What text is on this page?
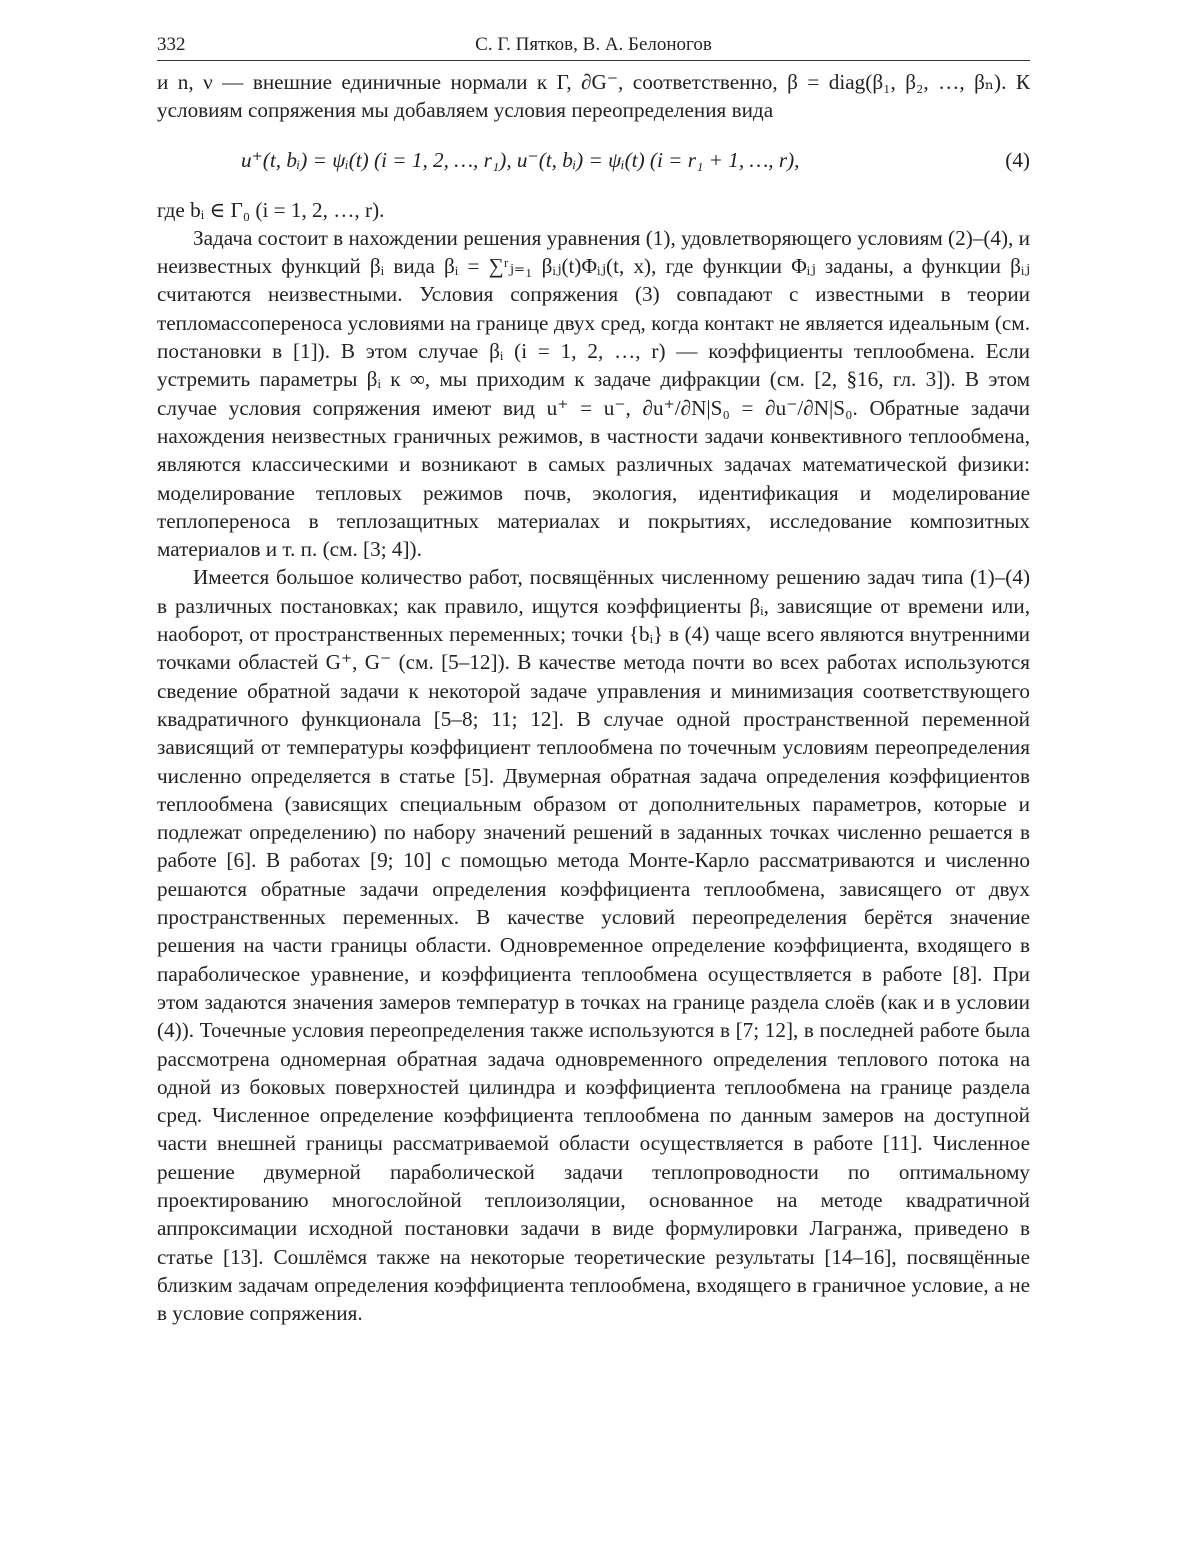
332	С. Г. Пятков, В. А. Белоногов

и n, ν — внешние единичные нормали к Γ, ∂G⁻, соответственно, β = diag(β₁, β₂, …, βₙ). К условиям сопряжения мы добавляем условия переопределения вида

u⁺(t, bᵢ) = ψᵢ(t) (i = 1, 2, …, r₁), u⁻(t, bᵢ) = ψᵢ(t) (i = r₁ + 1, …, r),	(4)

где bᵢ ∈ Γ₀ (i = 1, 2, …, r).

Задача состоит в нахождении решения уравнения (1), удовлетворяющего условиям (2)–(4), и неизвестных функций βᵢ вида βᵢ = ∑ʳⱼ₌₁ βᵢⱼ(t)Φᵢⱼ(t, x), где функции Φᵢⱼ заданы, а функции βᵢⱼ считаются неизвестными. Условия сопряжения (3) совпадают с известными в теории тепломассопереноса условиями на границе двух сред, когда контакт не является идеальным (см. постановки в [1]). В этом случае βᵢ (i = 1, 2, …, r) — коэффициенты теплообмена. Если устремить параметры βᵢ к ∞, мы приходим к задаче дифракции (см. [2, §16, гл. 3]). В этом случае условия сопряжения имеют вид u⁺ = u⁻, ∂u⁺/∂N|S₀ = ∂u⁻/∂N|S₀. Обратные задачи нахождения неизвестных граничных режимов, в частности задачи конвективного теплообмена, являются классическими и возникают в самых различных задачах математической физики: моделирование тепловых режимов почв, экология, идентификация и моделирование теплопереноса в теплозащитных материалах и покрытиях, исследование композитных материалов и т. п. (см. [3; 4]).

Имеется большое количество работ, посвящённых численному решению задач типа (1)–(4) в различных постановках; как правило, ищутся коэффициенты βᵢ, зависящие от времени или, наоборот, от пространственных переменных; точки {bᵢ} в (4) чаще всего являются внутренними точками областей G⁺, G⁻ (см. [5–12]). В качестве метода почти во всех работах используются сведение обратной задачи к некоторой задаче управления и минимизация соответствующего квадратичного функционала [5–8; 11; 12]. В случае одной пространственной переменной зависящий от температуры коэффициент теплообмена по точечным условиям переопределения численно определяется в статье [5]. Двумерная обратная задача определения коэффициентов теплообмена (зависящих специальным образом от дополнительных параметров, которые и подлежат определению) по набору значений решений в заданных точках численно решается в работе [6]. В работах [9; 10] с помощью метода Монте-Карло рассматриваются и численно решаются обратные задачи определения коэффициента теплообмена, зависящего от двух пространственных переменных. В качестве условий переопределения берётся значение решения на части границы области. Одновременное определение коэффициента, входящего в параболическое уравнение, и коэффициента теплообмена осуществляется в работе [8]. При этом задаются значения замеров температур в точках на границе раздела слоёв (как и в условии (4)). Точечные условия переопределения также используются в [7; 12], в последней работе была рассмотрена одномерная обратная задача одновременного определения теплового потока на одной из боковых поверхностей цилиндра и коэффициента теплообмена на границе раздела сред. Численное определение коэффициента теплообмена по данным замеров на доступной части внешней границы рассматриваемой области осуществляется в работе [11]. Численное решение двумерной параболической задачи теплопроводности по оптимальному проектированию многослойной теплоизоляции, основанное на методе квадратичной аппроксимации исходной постановки задачи в виде формулировки Лагранжа, приведено в статье [13]. Сошлёмся также на некоторые теоретические результаты [14–16], посвящённые близким задачам определения коэффициента теплообмена, входящего в граничное условие, а не в условие сопряжения.
